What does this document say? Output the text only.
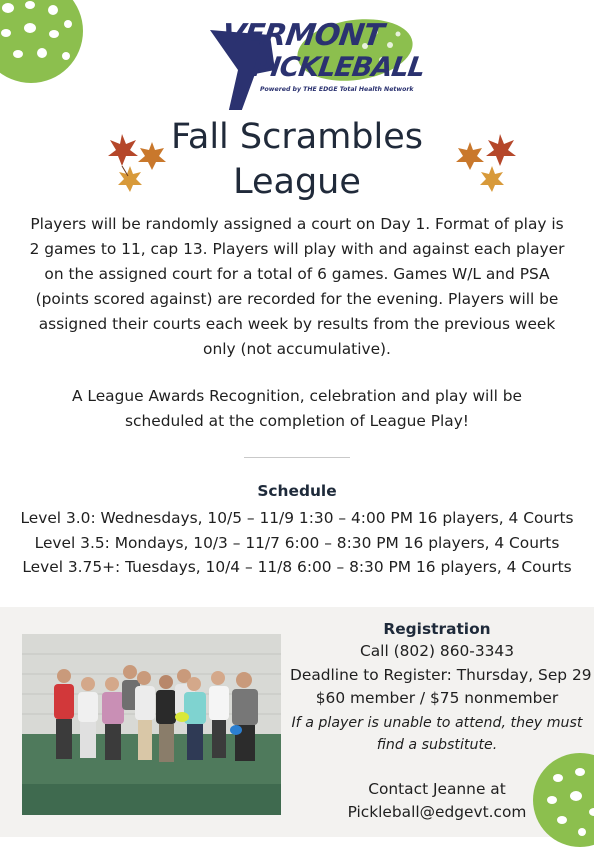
VERMONT
PICKLEBALL
Powered by THE EDGE Total Health Network
Fall Scrambles
League

Players will be randomly assigned a court on Day 1. Format of play is 2 games to 11, cap 13. Players will play with and against each player on the assigned court for a total of 6 games. Games W/L and PSA (points scored against) are recorded for the evening. Players will be assigned their courts each week by results from the previous week only (not accumulative).

A League Awards Recognition, celebration and play will be scheduled at the completion of League Play!

Schedule
Level 3.0: Wednesdays, 10/5 – 11/9 1:30 – 4:00 PM 16 players, 4 Courts
Level 3.5: Mondays, 10/3 – 11/7 6:00 – 8:30 PM 16 players, 4 Courts
Level 3.75+: Tuesdays, 10/4 – 11/8 6:00 – 8:30 PM 16 players, 4 Courts
Registration
Call (802) 860-3343
Deadline to Register: Thursday, Sep 29
$60 member / $75 nonmember
If a player is unable to attend, they must find a substitute.
Contact Jeanne at
Pickleball@edgevt.com
